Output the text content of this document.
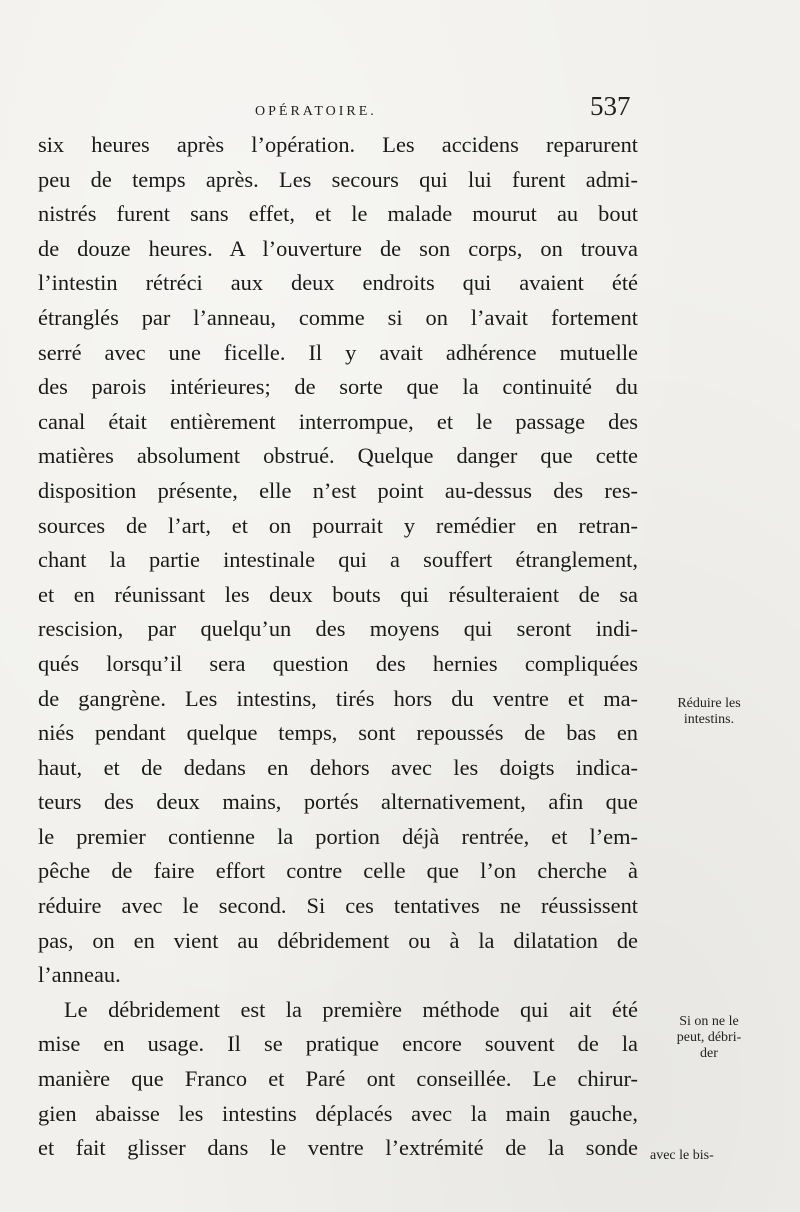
OPÉRATOIRE.	537
six heures après l’opération. Les accidens reparurent
peu de temps après. Les secours qui lui furent admi-
nistrés furent sans effet, et le malade mourut au bout
de douze heures. A l’ouverture de son corps, on trouva
l’intestin rétréci aux deux endroits qui avaient été
étranglés par l’anneau, comme si on l’avait fortement
serré avec une ficelle. Il y avait adhérence mutuelle
des parois intérieures; de sorte que la continuité du
canal était entièrement interrompue, et le passage des
matières absolument obstrué. Quelque danger que cette
disposition présente, elle n’est point au-dessus des res-
sources de l’art, et on pourrait y remédier en retran-
chant la partie intestinale qui a souffert étranglement,
et en réunissant les deux bouts qui résulteraient de sa
rescision, par quelqu’un des moyens qui seront indi-
qués lorsqu’il sera question des hernies compliquées
de gangrène. Les intestins, tirés hors du ventre et ma-
niés pendant quelque temps, sont repoussés de bas en
haut, et de dedans en dehors avec les doigts indica-
teurs des deux mains, portés alternativement, afin que
le premier contienne la portion déjà rentrée, et l’em-
pêche de faire effort contre celle que l’on cherche à
réduire avec le second. Si ces tentatives ne réussissent
pas, on en vient au débridement ou à la dilatation de
l’anneau.
Le débridement est la première méthode qui ait été
mise en usage. Il se pratique encore souvent de la
manière que Franco et Paré ont conseillée. Le chirur-
gien abaisse les intestins déplacés avec la main gauche,
et fait glisser dans le ventre l’extrémité de la sonde
Réduire les
intestins.
Si on ne le
peut, débri-
der
avec le bis-
